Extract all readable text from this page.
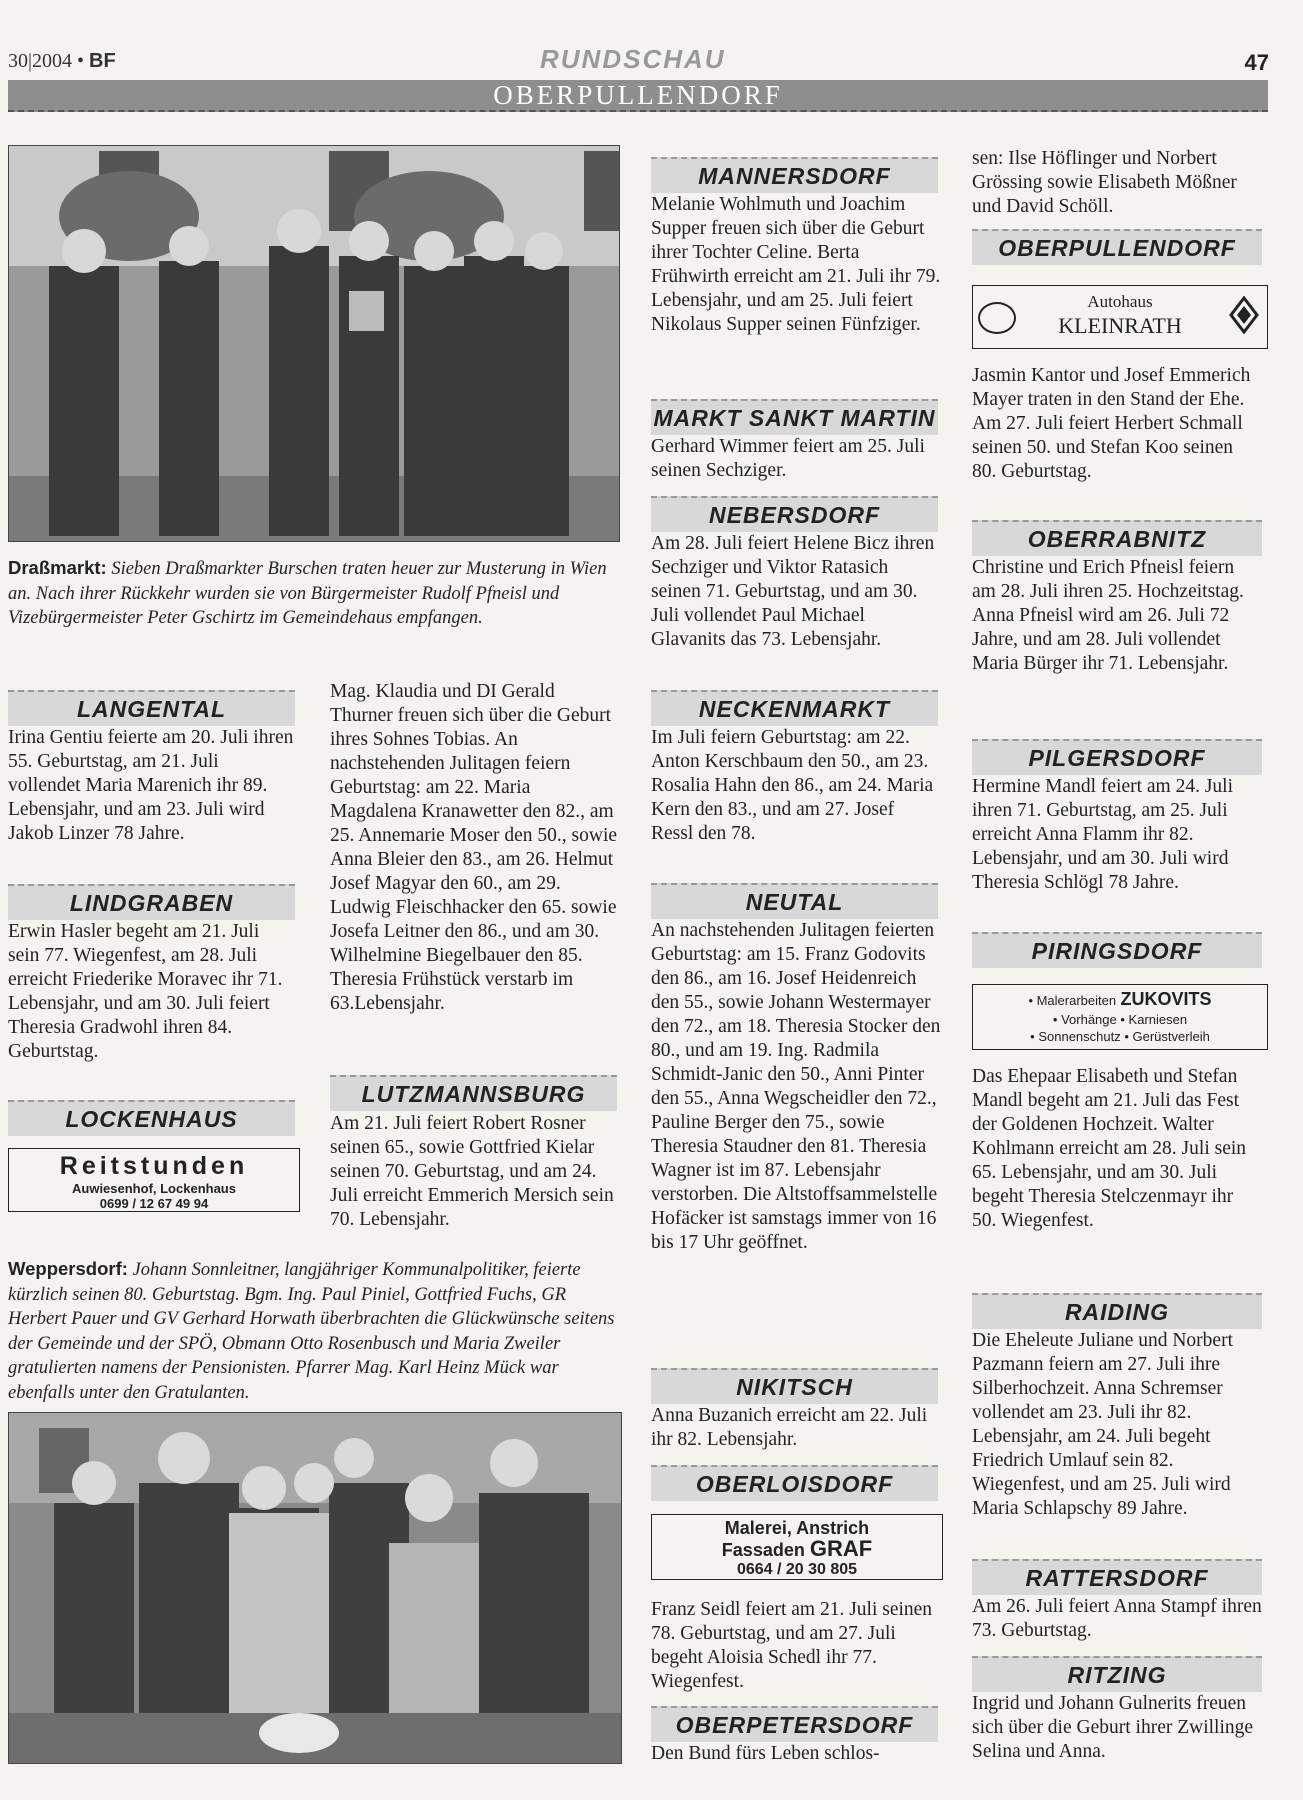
30|2004 • BF	RUNDSCHAU	47
OBERPULLENDORF
Draßmarkt: Sieben Draßmarkter Burschen traten heuer zur Musterung in Wien an. Nach ihrer Rückkehr wurden sie von Bürgermeister Rudolf Pfneisl und Vizebürgermeister Peter Gschirtz im Gemeindehaus empfangen.
LANGENTAL
Irina Gentiu feierte am 20. Juli ihren 55. Geburtstag, am 21. Juli vollendet Maria Marenich ihr 89. Lebensjahr, und am 23. Juli wird Jakob Linzer 78 Jahre.
LINDGRABEN
Erwin Hasler begeht am 21. Juli sein 77. Wiegenfest, am 28. Juli erreicht Friederike Moravec ihr 71. Lebensjahr, und am 30. Juli feiert Theresia Gradwohl ihren 84. Geburtstag.
LOCKENHAUS
Reitstunden
Auwiesenhof, Lockenhaus
0699 / 12 67 49 94
Mag. Klaudia und DI Gerald Thurner freuen sich über die Geburt ihres Sohnes Tobias. An nachstehenden Julitagen feiern Geburtstag: am 22. Maria Magdalena Kranawetter den 82., am 25. Annemarie Moser den 50., sowie Anna Bleier den 83., am 26. Helmut Josef Magyar den 60., am 29. Ludwig Fleischhacker den 65. sowie Josefa Leitner den 86., und am 30. Wilhelmine Biegelbauer den 85. Theresia Frühstück verstarb im 63.Lebensjahr.
LUTZMANNSBURG
Am 21. Juli feiert Robert Rosner seinen 65., sowie Gottfried Kielar seinen 70. Geburtstag, und am 24. Juli erreicht Emmerich Mersich sein 70. Lebensjahr.
Weppersdorf: Johann Sonnleitner, langjähriger Kommunalpolitiker, feierte kürzlich seinen 80. Geburtstag. Bgm. Ing. Paul Piniel, Gottfried Fuchs, GR Herbert Pauer und GV Gerhard Horwath überbrachten die Glückwünsche seitens der Gemeinde und der SPÖ, Obmann Otto Rosenbusch und Maria Zweiler gratulierten namens der Pensionisten. Pfarrer Mag. Karl Heinz Mück war ebenfalls unter den Gratulanten.
MANNERSDORF
Melanie Wohlmuth und Joachim Supper freuen sich über die Geburt ihrer Tochter Celine. Berta Frühwirth erreicht am 21. Juli ihr 79. Lebensjahr, und am 25. Juli feiert Nikolaus Supper seinen Fünfziger.
MARKT SANKT MARTIN
Gerhard Wimmer feiert am 25. Juli seinen Sechziger.
NEBERSDORF
Am 28. Juli feiert Helene Bicz ihren Sechziger und Viktor Ratasich seinen 71. Geburtstag, und am 30. Juli vollendet Paul Michael Glavanits das 73. Lebensjahr.
NECKENMARKT
Im Juli feiern Geburtstag: am 22. Anton Kerschbaum den 50., am 23. Rosalia Hahn den 86., am 24. Maria Kern den 83., und am 27. Josef Ressl den 78.
NEUTAL
An nachstehenden Julitagen feierten Geburtstag: am 15. Franz Godovits den 86., am 16. Josef Heidenreich den 55., sowie Johann Westermayer den 72., am 18. Theresia Stocker den 80., und am 19. Ing. Radmila Schmidt-Janic den 50., Anni Pinter den 55., Anna Wegscheidler den 72., Pauline Berger den 75., sowie Theresia Staudner den 81. Theresia Wagner ist im 87. Lebensjahr verstorben. Die Altstoffsammelstelle Hofäcker ist samstags immer von 16 bis 17 Uhr geöffnet.
NIKITSCH
Anna Buzanich erreicht am 22. Juli ihr 82. Lebensjahr.
OBERLOISDORF
Malerei, Anstrich
Fassaden GRAF
0664 / 20 30 805
Franz Seidl feiert am 21. Juli seinen 78. Geburtstag, und am 27. Juli begeht Aloisia Schedl ihr 77. Wiegenfest.
OBERPETERSDORF
Den Bund fürs Leben schlos-
sen: Ilse Höflinger und Norbert Grössing sowie Elisabeth Mößner und David Schöll.
OBERPULLENDORF
Autohaus
KLEINRATH
Jasmin Kantor und Josef Emmerich Mayer traten in den Stand der Ehe. Am 27. Juli feiert Herbert Schmall seinen 50. und Stefan Koo seinen 80. Geburtstag.
OBERRABNITZ
Christine und Erich Pfneisl feiern am 28. Juli ihren 25. Hochzeitstag. Anna Pfneisl wird am 26. Juli 72 Jahre, und am 28. Juli vollendet Maria Bürger ihr 71. Lebensjahr.
PILGERSDORF
Hermine Mandl feiert am 24. Juli ihren 71. Geburtstag, am 25. Juli erreicht Anna Flamm ihr 82. Lebensjahr, und am 30. Juli wird Theresia Schlögl 78 Jahre.
PIRINGSDORF
• Malerarbeiten ZUKOVITS
• Vorhänge • Karniesen
• Sonnenschutz • Gerüstverleih
Das Ehepaar Elisabeth und Stefan Mandl begeht am 21. Juli das Fest der Goldenen Hochzeit. Walter Kohlmann erreicht am 28. Juli sein 65. Lebensjahr, und am 30. Juli begeht Theresia Stelczenmayr ihr 50. Wiegenfest.
RAIDING
Die Eheleute Juliane und Norbert Pazmann feiern am 27. Juli ihre Silberhochzeit. Anna Schremser vollendet am 23. Juli ihr 82. Lebensjahr, am 24. Juli begeht Friedrich Umlauf sein 82. Wiegenfest, und am 25. Juli wird Maria Schlapschy 89 Jahre.
RATTERSDORF
Am 26. Juli feiert Anna Stampf ihren 73. Geburtstag.
RITZING
Ingrid und Johann Gulnerits freuen sich über die Geburt ihrer Zwillinge Selina und Anna.
